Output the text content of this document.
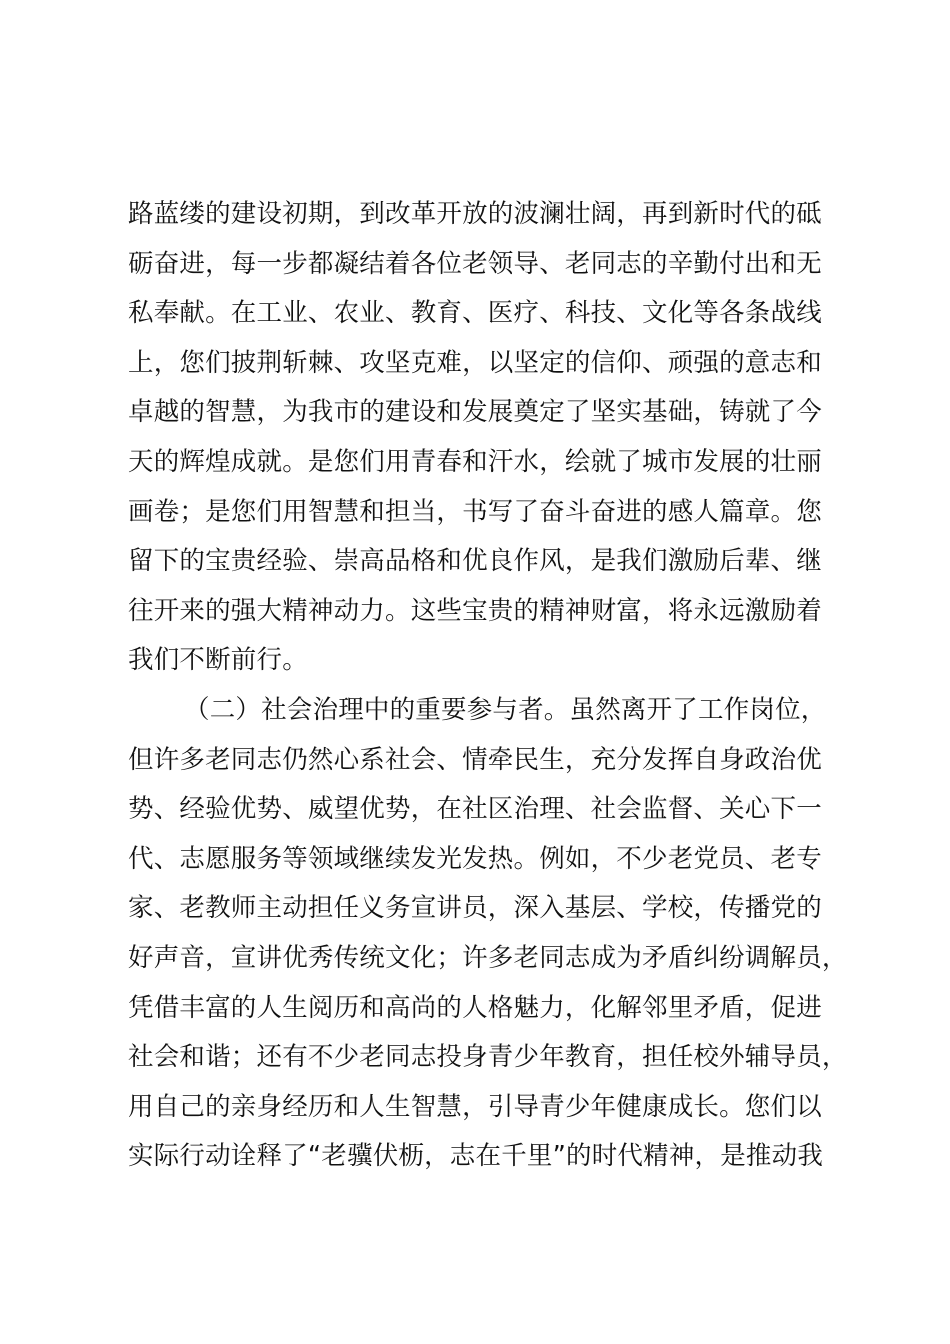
路蓝缕的建设初期，到改革开放的波澜壮阔，再到新时代的砥
砺奋进，每一步都凝结着各位老领导、老同志的辛勤付出和无
私奉献。在工业、农业、教育、医疗、科技、文化等各条战线
上，您们披荆斩棘、攻坚克难，以坚定的信仰、顽强的意志和
卓越的智慧，为我市的建设和发展奠定了坚实基础，铸就了今
天的辉煌成就。是您们用青春和汗水，绘就了城市发展的壮丽
画卷；是您们用智慧和担当，书写了奋斗奋进的感人篇章。您
留下的宝贵经验、崇高品格和优良作风，是我们激励后辈、继
往开来的强大精神动力。这些宝贵的精神财富，将永远激励着
我们不断前行。
（二）社会治理中的重要参与者。虽然离开了工作岗位，
但许多老同志仍然心系社会、情牵民生，充分发挥自身政治优
势、经验优势、威望优势，在社区治理、社会监督、关心下一
代、志愿服务等领域继续发光发热。例如，不少老党员、老专
家、老教师主动担任义务宣讲员，深入基层、学校，传播党的
好声音，宣讲优秀传统文化；许多老同志成为矛盾纠纷调解员，
凭借丰富的人生阅历和高尚的人格魅力，化解邻里矛盾，促进
社会和谐；还有不少老同志投身青少年教育，担任校外辅导员，
用自己的亲身经历和人生智慧，引导青少年健康成长。您们以
实际行动诠释了“老骥伏枥，志在千里”的时代精神，是推动我
